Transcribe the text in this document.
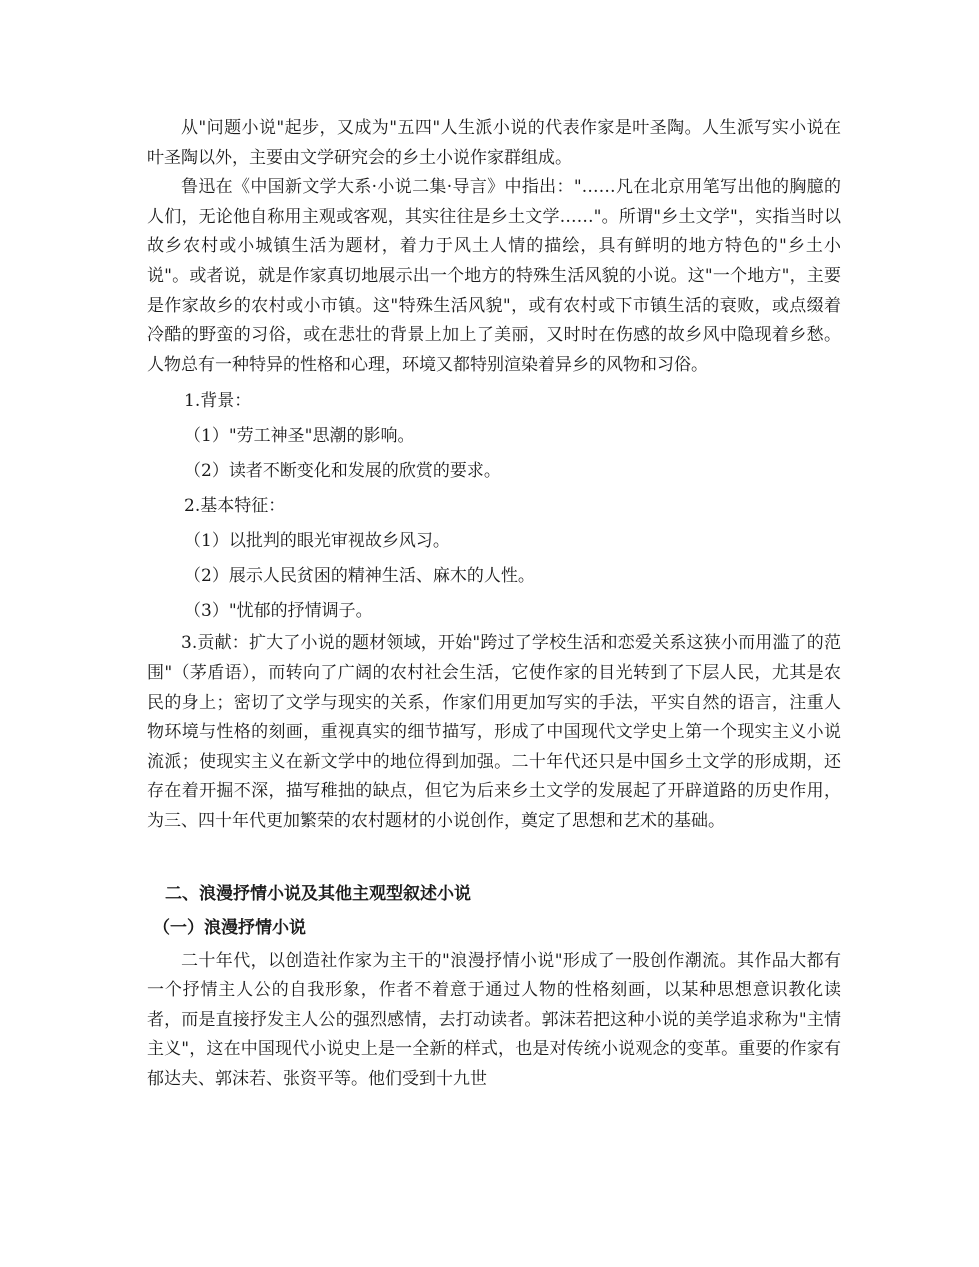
从"问题小说"起步，又成为"五四"人生派小说的代表作家是叶圣陶。人生派写实小说在叶圣陶以外，主要由文学研究会的乡土小说作家群组成。

鲁迅在《中国新文学大系·小说二集·导言》中指出："……凡在北京用笔写出他的胸臆的人们，无论他自称用主观或客观，其实往往是乡土文学……"。所谓"乡土文学"，实指当时以故乡农村或小城镇生活为题材，着力于风土人情的描绘，具有鲜明的地方特色的"乡土小说"。或者说，就是作家真切地展示出一个地方的特殊生活风貌的小说。这"一个地方"，主要是作家故乡的农村或小市镇。这"特殊生活风貌"，或有农村或下市镇生活的衰败，或点缀着冷酷的野蛮的习俗，或在悲壮的背景上加上了美丽，又时时在伤感的故乡风中隐现着乡愁。人物总有一种特异的性格和心理，环境又都特别渲染着异乡的风物和习俗。

1.背景：

（1）"劳工神圣"思潮的影响。

（2）读者不断变化和发展的欣赏的要求。

2.基本特征：

（1）以批判的眼光审视故乡风习。

（2）展示人民贫困的精神生活、麻木的人性。

（3）"忧郁的抒情调子。

3.贡献：扩大了小说的题材领域，开始"跨过了学校生活和恋爱关系这狭小而用滥了的范围"（茅盾语），而转向了广阔的农村社会生活，它使作家的目光转到了下层人民，尤其是农民的身上；密切了文学与现实的关系，作家们用更加写实的手法，平实自然的语言，注重人物环境与性格的刻画，重视真实的细节描写，形成了中国现代文学史上第一个现实主义小说流派；使现实主义在新文学中的地位得到加强。二十年代还只是中国乡土文学的形成期，还存在着开掘不深，描写稚拙的缺点，但它为后来乡土文学的发展起了开辟道路的历史作用，为三、四十年代更加繁荣的农村题材的小说创作，奠定了思想和艺术的基础。

二、浪漫抒情小说及其他主观型叙述小说
（一）浪漫抒情小说

二十年代，以创造社作家为主干的"浪漫抒情小说"形成了一股创作潮流。其作品大都有一个抒情主人公的自我形象，作者不着意于通过人物的性格刻画，以某种思想意识教化读者，而是直接抒发主人公的强烈感情，去打动读者。郭沫若把这种小说的美学追求称为"主情主义"，这在中国现代小说史上是一全新的样式，也是对传统小说观念的变革。重要的作家有郁达夫、郭沫若、张资平等。他们受到十九世
